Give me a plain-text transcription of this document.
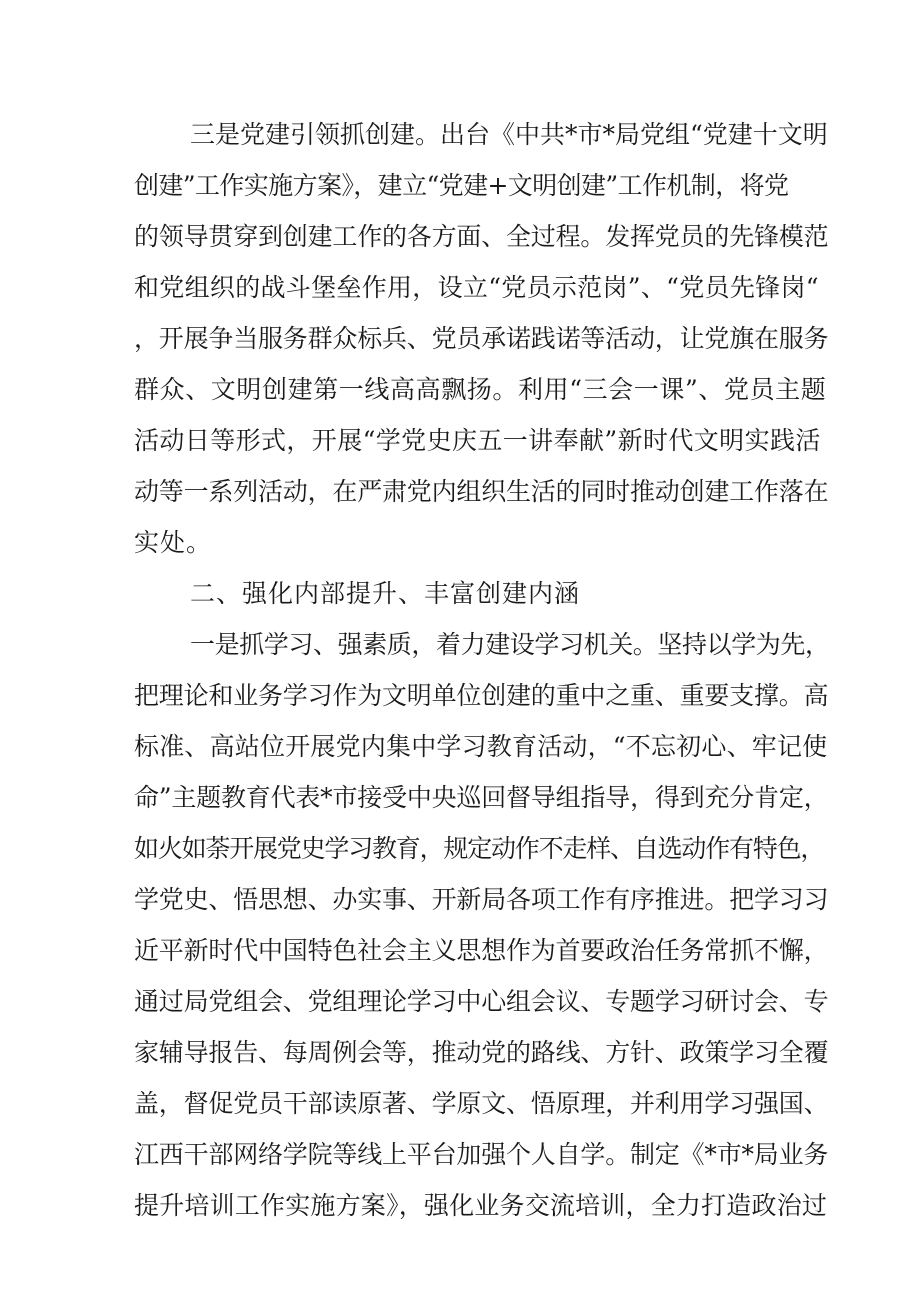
三是党建引领抓创建。出台《中共*市*局党组“党建十文明
创建”工作实施方案》，建立“党建+文明创建”工作机制，将党
的领导贯穿到创建工作的各方面、全过程。发挥党员的先锋模范
和党组织的战斗堡垒作用，设立“党员示范岗”、“党员先锋岗“
，开展争当服务群众标兵、党员承诺践诺等活动，让党旗在服务
群众、文明创建第一线高高飘扬。利用“三会一课”、党员主题
活动日等形式，开展“学党史庆五一讲奉献”新时代文明实践活
动等一系列活动，在严肃党内组织生活的同时推动创建工作落在
实处。
二、强化内部提升、丰富创建内涵
一是抓学习、强素质，着力建设学习机关。坚持以学为先，
把理论和业务学习作为文明单位创建的重中之重、重要支撑。高
标准、高站位开展党内集中学习教育活动，“不忘初心、牢记使
命”主题教育代表*市接受中央巡回督导组指导，得到充分肯定，
如火如荼开展党史学习教育，规定动作不走样、自选动作有特色，
学党史、悟思想、办实事、开新局各项工作有序推进。把学习习
近平新时代中国特色社会主义思想作为首要政治任务常抓不懈，
通过局党组会、党组理论学习中心组会议、专题学习研讨会、专
家辅导报告、每周例会等，推动党的路线、方针、政策学习全覆
盖，督促党员干部读原著、学原文、悟原理，并利用学习强国、
江西干部网络学院等线上平台加强个人自学。制定《*市*局业务
提升培训工作实施方案》，强化业务交流培训，全力打造政治过
